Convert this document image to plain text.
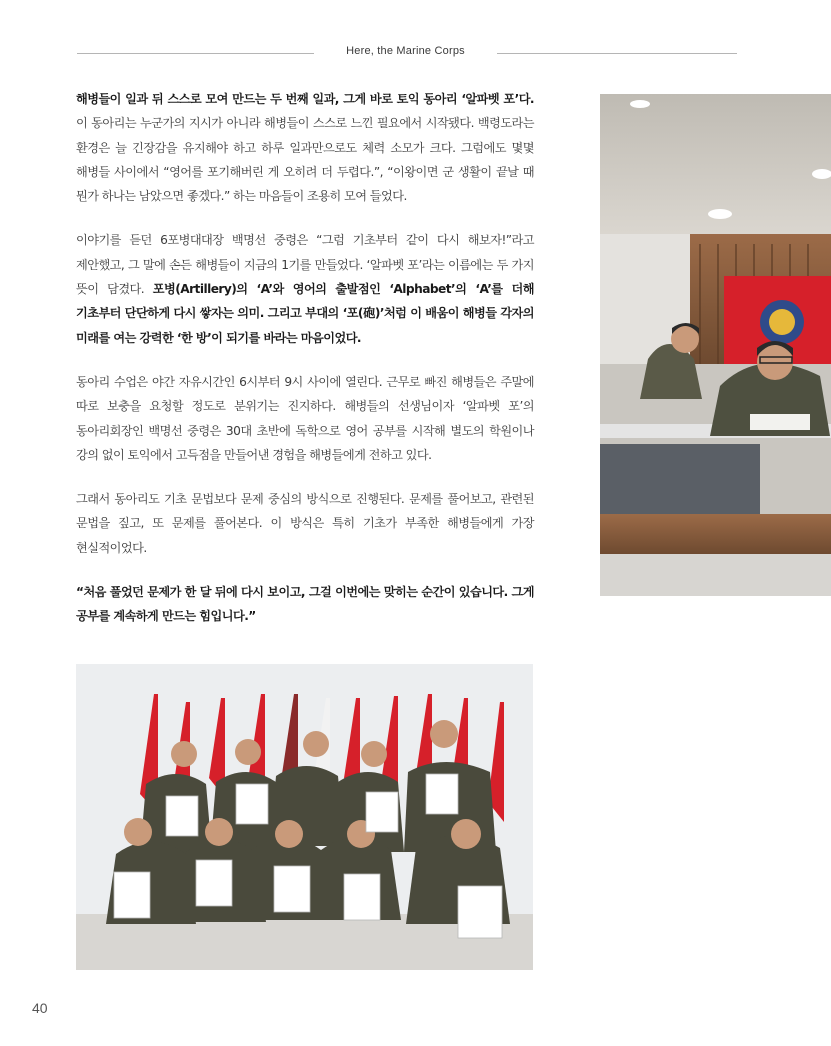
Here, the Marine Corps

해병들이 일과 뒤 스스로 모여 만드는 두 번째 일과, 그게 바로 토익 동아리 ‘알파벳 포’다. 이 동아리는 누군가의 지시가 아니라 해병들이 스스로 느낀 필요에서 시작됐다. 백령도라는 환경은 늘 긴장감을 유지해야 하고 하루 일과만으로도 체력 소모가 크다. 그럼에도 몇몇 해병들 사이에서 “영어를 포기해버린 게 오히려 더 두렵다.”, “이왕이면 군 생활이 끝날 때 뭔가 하나는 남았으면 좋겠다.” 하는 마음들이 조용히 모여 들었다.

이야기를 듣던 6포병대대장 백명선 중령은 “그럼 기초부터 같이 다시 해보자!”라고 제안했고, 그 말에 손든 해병들이 지금의 1기를 만들었다. ‘알파벳 포’라는 이름에는 두 가지 뜻이 담겼다. 포병(Artillery)의 ‘A’와 영어의 출발점인 ‘Alphabet’의 ‘A’를 더해 기초부터 단단하게 다시 쌓자는 의미. 그리고 부대의 ‘포(砲)’처럼 이 배움이 해병들 각자의 미래를 여는 강력한 ‘한 방’이 되기를 바라는 마음이었다.

동아리 수업은 야간 자유시간인 6시부터 9시 사이에 열린다. 근무로 빠진 해병들은 주말에 따로 보충을 요청할 정도로 분위기는 진지하다. 해병들의 선생님이자 ‘알파벳 포’의 동아리회장인 백명선 중령은 30대 초반에 독학으로 영어 공부를 시작해 별도의 학원이나 강의 없이 토익에서 고득점을 만들어낸 경험을 해병들에게 전하고 있다.

그래서 동아리도 기초 문법보다 문제 중심의 방식으로 진행된다. 문제를 풀어보고, 관련된 문법을 짚고, 또 문제를 풀어본다. 이 방식은 특히 기초가 부족한 해병들에게 가장 현실적이었다.

“처음 풀었던 문제가 한 달 뒤에 다시 보이고, 그걸 이번에는 맞히는 순간이 있습니다. 그게 공부를 계속하게 만드는 힘입니다.”

40
